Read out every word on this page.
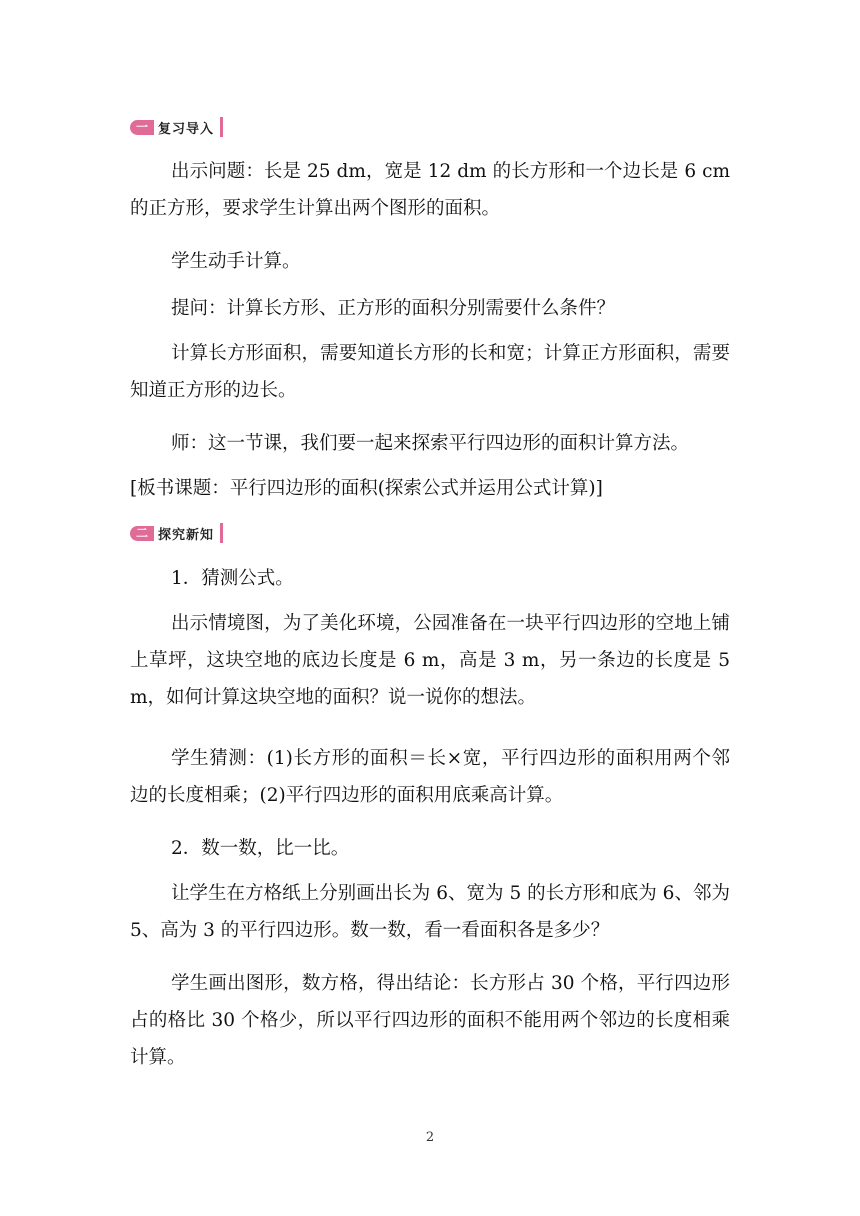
一 复习导入

出示问题：长是 25 dm，宽是 12 dm 的长方形和一个边长是 6 cm 的正方形，要求学生计算出两个图形的面积。

学生动手计算。

提问：计算长方形、正方形的面积分别需要什么条件？

计算长方形面积，需要知道长方形的长和宽；计算正方形面积，需要知道正方形的边长。

师：这一节课，我们要一起来探索平行四边形的面积计算方法。

[板书课题：平行四边形的面积(探索公式并运用公式计算)]

二 探究新知

1．猜测公式。

出示情境图，为了美化环境，公园准备在一块平行四边形的空地上铺上草坪，这块空地的底边长度是 6 m，高是 3 m，另一条边的长度是 5 m，如何计算这块空地的面积？说一说你的想法。

学生猜测：(1)长方形的面积＝长×宽，平行四边形的面积用两个邻边的长度相乘；(2)平行四边形的面积用底乘高计算。

2．数一数，比一比。

让学生在方格纸上分别画出长为 6、宽为 5 的长方形和底为 6、邻为 5、高为 3 的平行四边形。数一数，看一看面积各是多少？

学生画出图形，数方格，得出结论：长方形占 30 个格，平行四边形占的格比 30 个格少，所以平行四边形的面积不能用两个邻边的长度相乘计算。

2
